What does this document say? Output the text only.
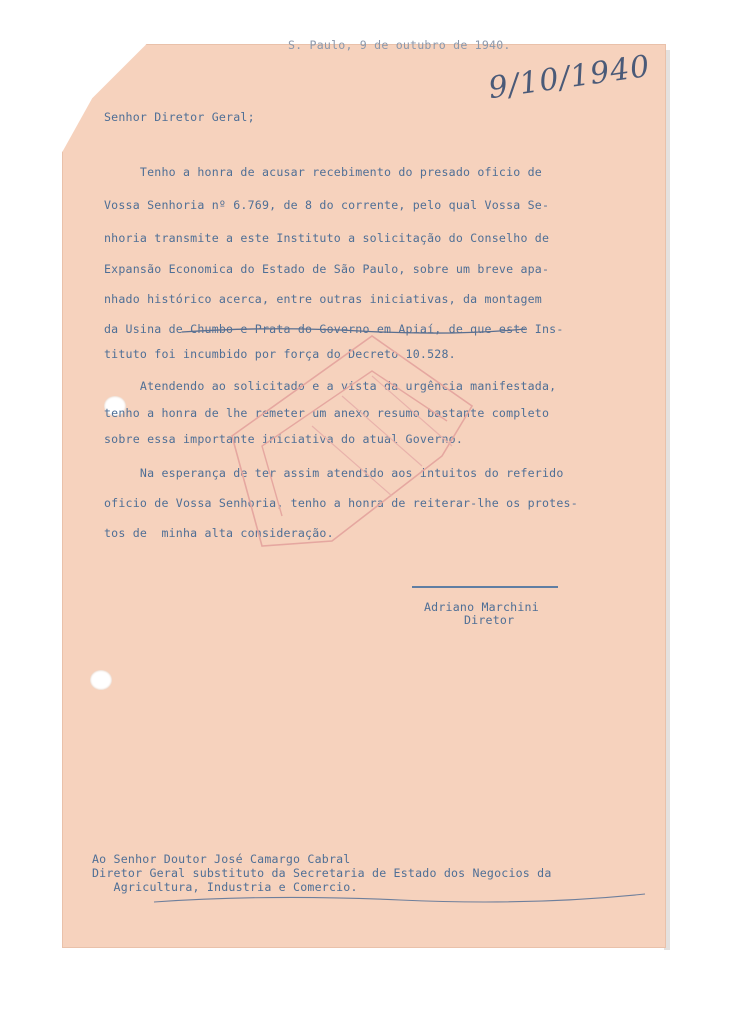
S. Paulo, 9 de outubro de 1940.

9/10/1940

Senhor Diretor Geral;

Tenho a honra de acusar recebimento do presado oficio de

Vossa Senhoria nº 6.769, de 8 do corrente, pelo qual Vossa Se-

nhoria transmite a este Instituto a solicitação do Conselho de

Expansão Economica do Estado de São Paulo, sobre um breve apa-

nhado histórico acerca, entre outras iniciativas, da montagem

da Usina de Chumbo e Prata do Governo em Apiaí, de que este Ins-

tituto foi incumbido por força do Decreto 10.528.

Atendendo ao solicitado e a vista da urgência manifestada,

tenho a honra de lhe remeter um anexo resumo bastante completo

sobre essa importante iniciativa do atual Governo.

Na esperança de ter assim atendido aos intuitos do referido

oficio de Vossa Senhoria, tenho a honra de reiterar-lhe os protes-

tos de  minha alta consideração.

Adriano Marchini

Diretor

Ao Senhor Doutor José Camargo Cabral

Diretor Geral substituto da Secretaria de Estado dos Negocios da

Agricultura, Industria e Comercio.
